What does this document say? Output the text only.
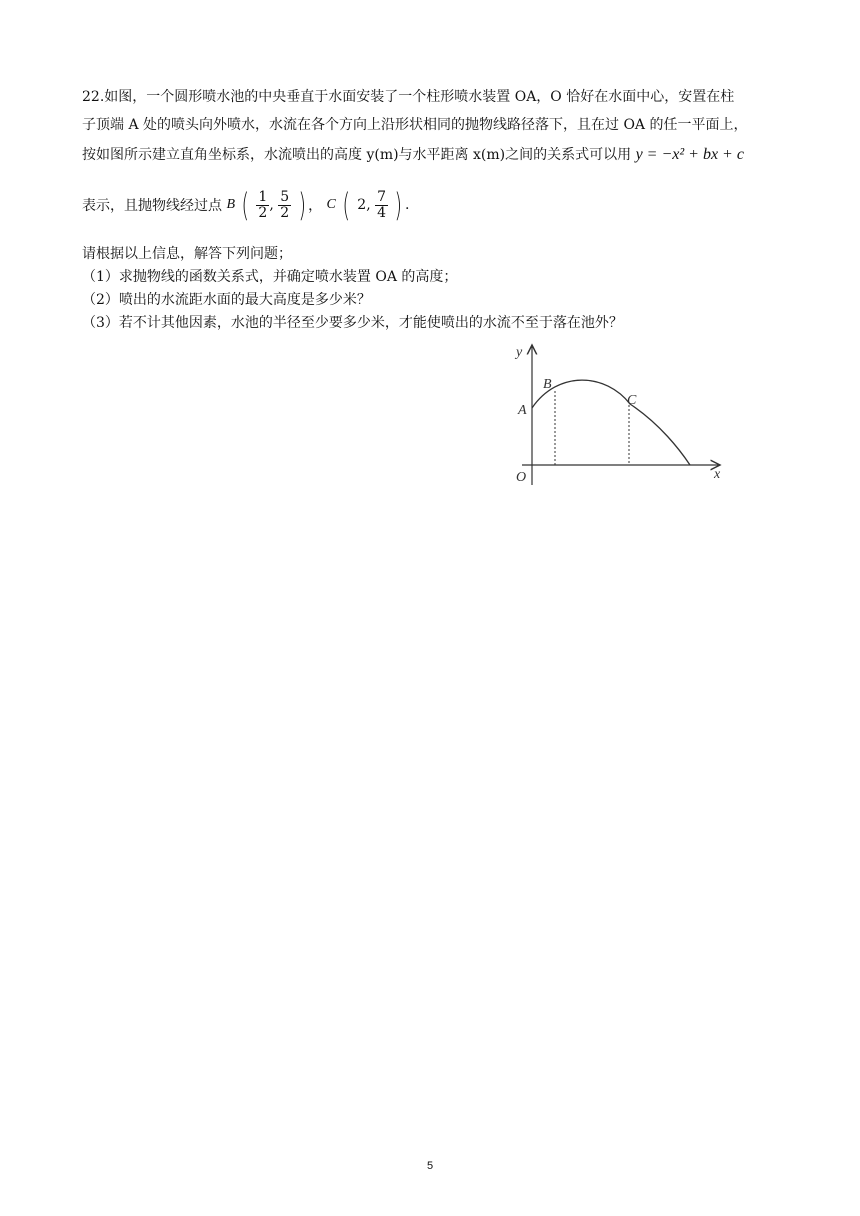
22.如图，一个圆形喷水池的中央垂直于水面安装了一个柱形喷水装置 OA，O 恰好在水面中心，安置在柱
子顶端 A 处的喷头向外喷水，水流在各个方向上沿形状相同的抛物线路径落下，且在过 OA 的任一平面上，
按如图所示建立直角坐标系，水流喷出的高度 y(m)与水平距离 x(m)之间的关系式可以用 y = −x² + bx + c
表示，且抛物线经过点 B ( $\frac{1}{2}$ , $\frac{5}{2}$ ) ， C ( 2, $\frac{7}{4}$ ) .
请根据以上信息，解答下列问题；
（1）求抛物线的函数关系式，并确定喷水装置 OA 的高度；
（2）喷出的水流距水面的最大高度是多少米？
（3）若不计其他因素，水池的半径至少要多少米，才能使喷出的水流不至于落在池外？
y
x
O
A
B
C
5
